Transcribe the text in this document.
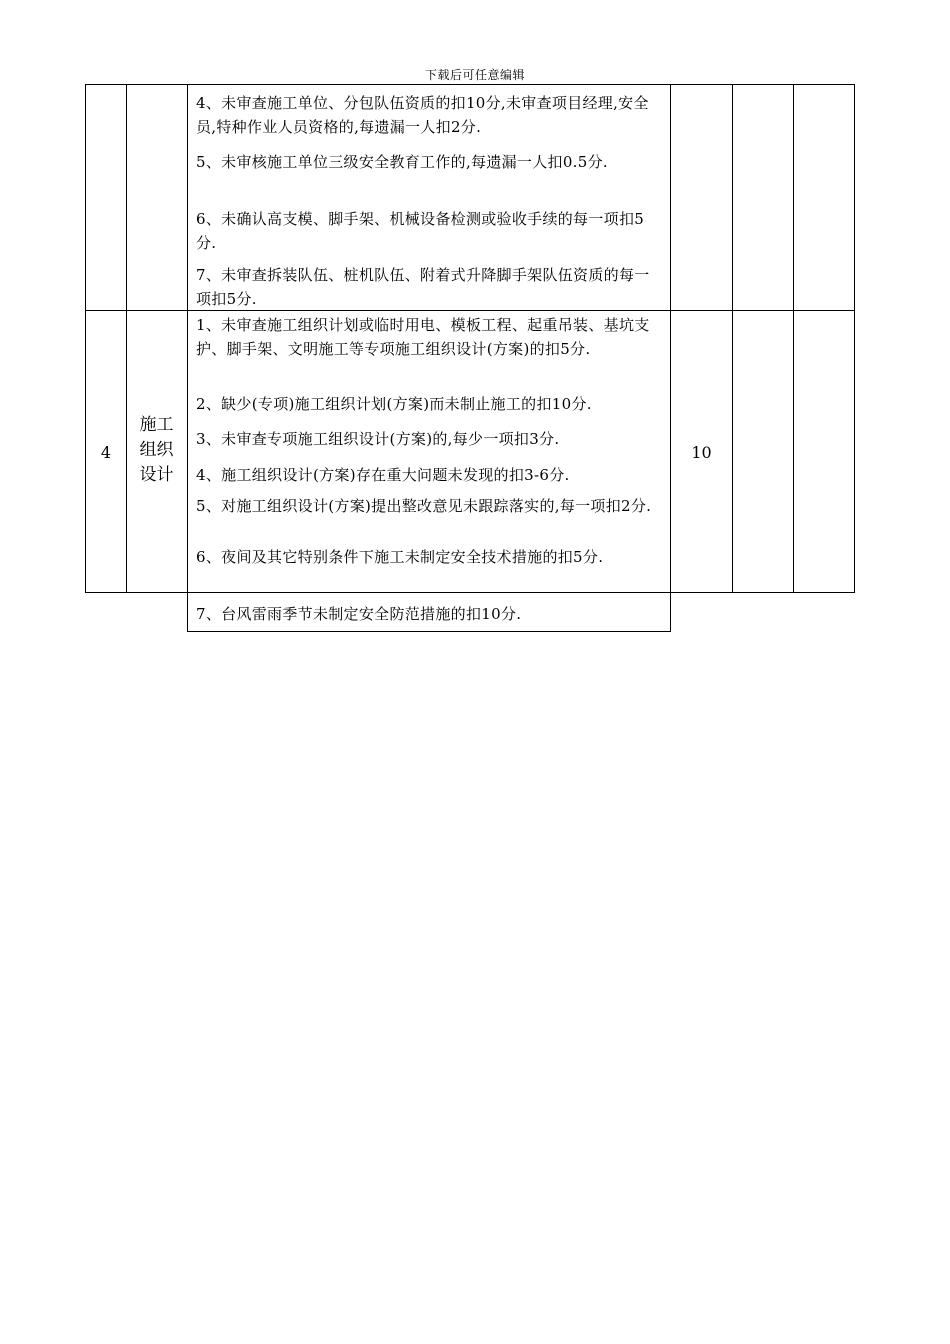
下载后可任意编辑
4、未审查施工单位、分包队伍资质的扣10分,未审查项目经理,安全员,特种作业人员资格的,每遗漏一人扣2分.
5、未审核施工单位三级安全教育工作的,每遗漏一人扣0.5分.
6、未确认高支模、脚手架、机械设备检测或验收手续的每一项扣5分.
7、未审查拆装队伍、桩机队伍、附着式升降脚手架队伍资质的每一项扣5分.
4
施工
组织
设计
10
1、未审查施工组织计划或临时用电、模板工程、起重吊装、基坑支护、脚手架、文明施工等专项施工组织设计(方案)的扣5分.
2、缺少(专项)施工组织计划(方案)而未制止施工的扣10分.
3、未审查专项施工组织设计(方案)的,每少一项扣3分.
4、施工组织设计(方案)存在重大问题未发现的扣3-6分.
5、对施工组织设计(方案)提出整改意见未跟踪落实的,每一项扣2分.
6、夜间及其它特别条件下施工未制定安全技术措施的扣5分.
7、台风雷雨季节未制定安全防范措施的扣10分.
